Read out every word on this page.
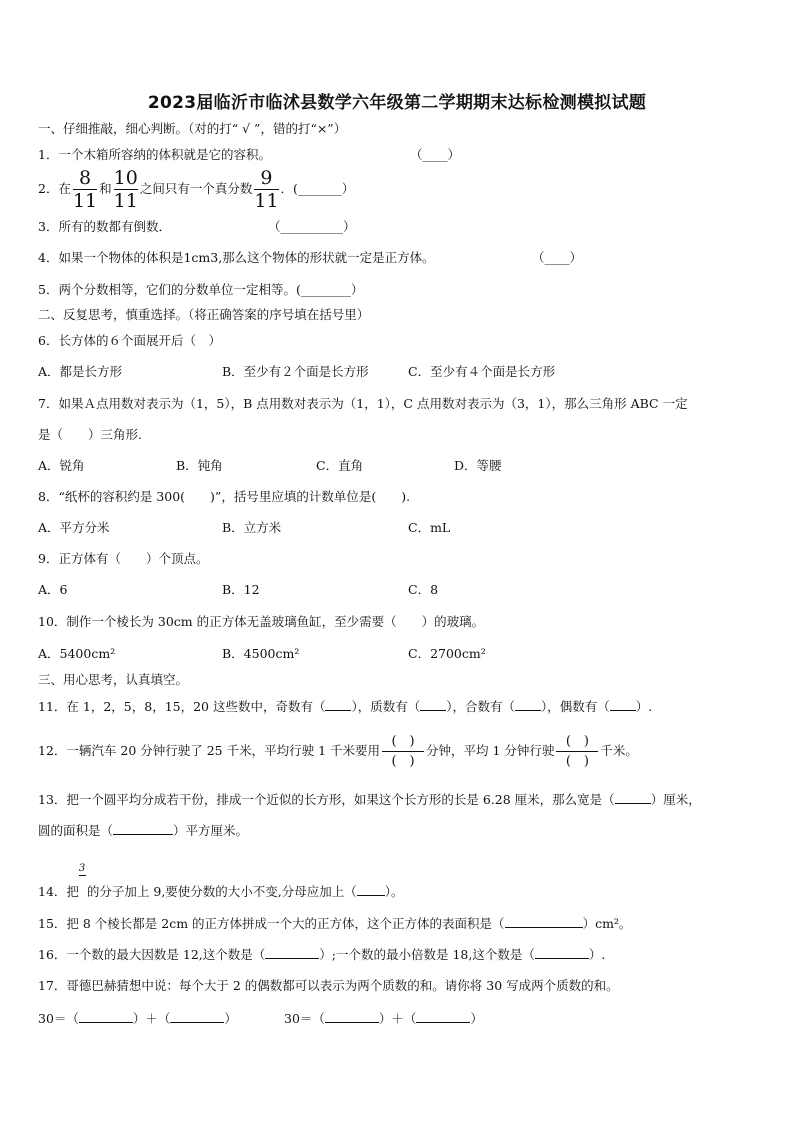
2023届临沂市临沭县数学六年级第二学期期末达标检测模拟试题
一、仔细推敲，细心判断。（对的打“ √ ”，错的打“×”）
1．一个木箱所容纳的体积就是它的容积。	（____）
2．在 $\frac{8}{11}$ 和 $\frac{10}{11}$ 之间只有一个真分数 $\frac{9}{11}$ ．(_______）
3．所有的数都有倒数．	（__________）
4．如果一个物体的体积是1cm3,那么这个物体的形状就一定是正方体。	（____）
5．两个分数相等，它们的分数单位一定相等。(________）
二、反复思考，慎重选择。（将正确答案的序号填在括号里）
6．长方体的６个面展开后（　）
A．都是长方形	B．至少有２个面是长方形	C．至少有４个面是长方形
7．如果Ａ点用数对表示为（1，5），B 点用数对表示为（1，1），C 点用数对表示为（3，1），那么三角形 ABC 一定
是（　　）三角形.
A．锐角	B．钝角	C．直角	D．等腰
8．“纸杯的容积约是 300(　　)”，括号里应填的计数单位是(　　).
A．平方分米	B．立方米	C．mL
9．正方体有（　　）个顶点。
A．6	B．12	C．8
10．制作一个棱长为 30cm 的正方体无盖玻璃鱼缸，至少需要（　　）的玻璃。
A．5400cm²	B．4500cm²	C．2700cm²
三、用心思考，认真填空。
11．在 1，2，5，8，15，20 这些数中，奇数有（ ），质数有（ ），合数有（ ），偶数有（ ）.
12．一辆汽车 20 分钟行驶了 25 千米，平均行驶 1 千米要用
(　)
(　)
分钟，平均 1 分钟行驶
(　)
(　)
千米。
13．把一个圆平均分成若干份，排成一个近似的长方形，如果这个长方形的长是 6.28 厘米，那么宽是（	）厘米，
圆的面积是（	）平方厘米。
14．把
3
的分子加上 9,要使分数的大小不变,分母应加上（ ）。
15．把 8 个棱长都是 2cm 的正方体拼成一个大的正方体，这个正方体的表面积是（	）cm²。
16．一个数的最大因数是 12,这个数是（	）;一个数的最小倍数是 18,这个数是（	）.
17．哥德巴赫猜想中说：每个大于 2 的偶数都可以表示为两个质数的和。请你将 30 写成两个质数的和。
30＝（	）＋（	）	30＝（	）＋（	）
